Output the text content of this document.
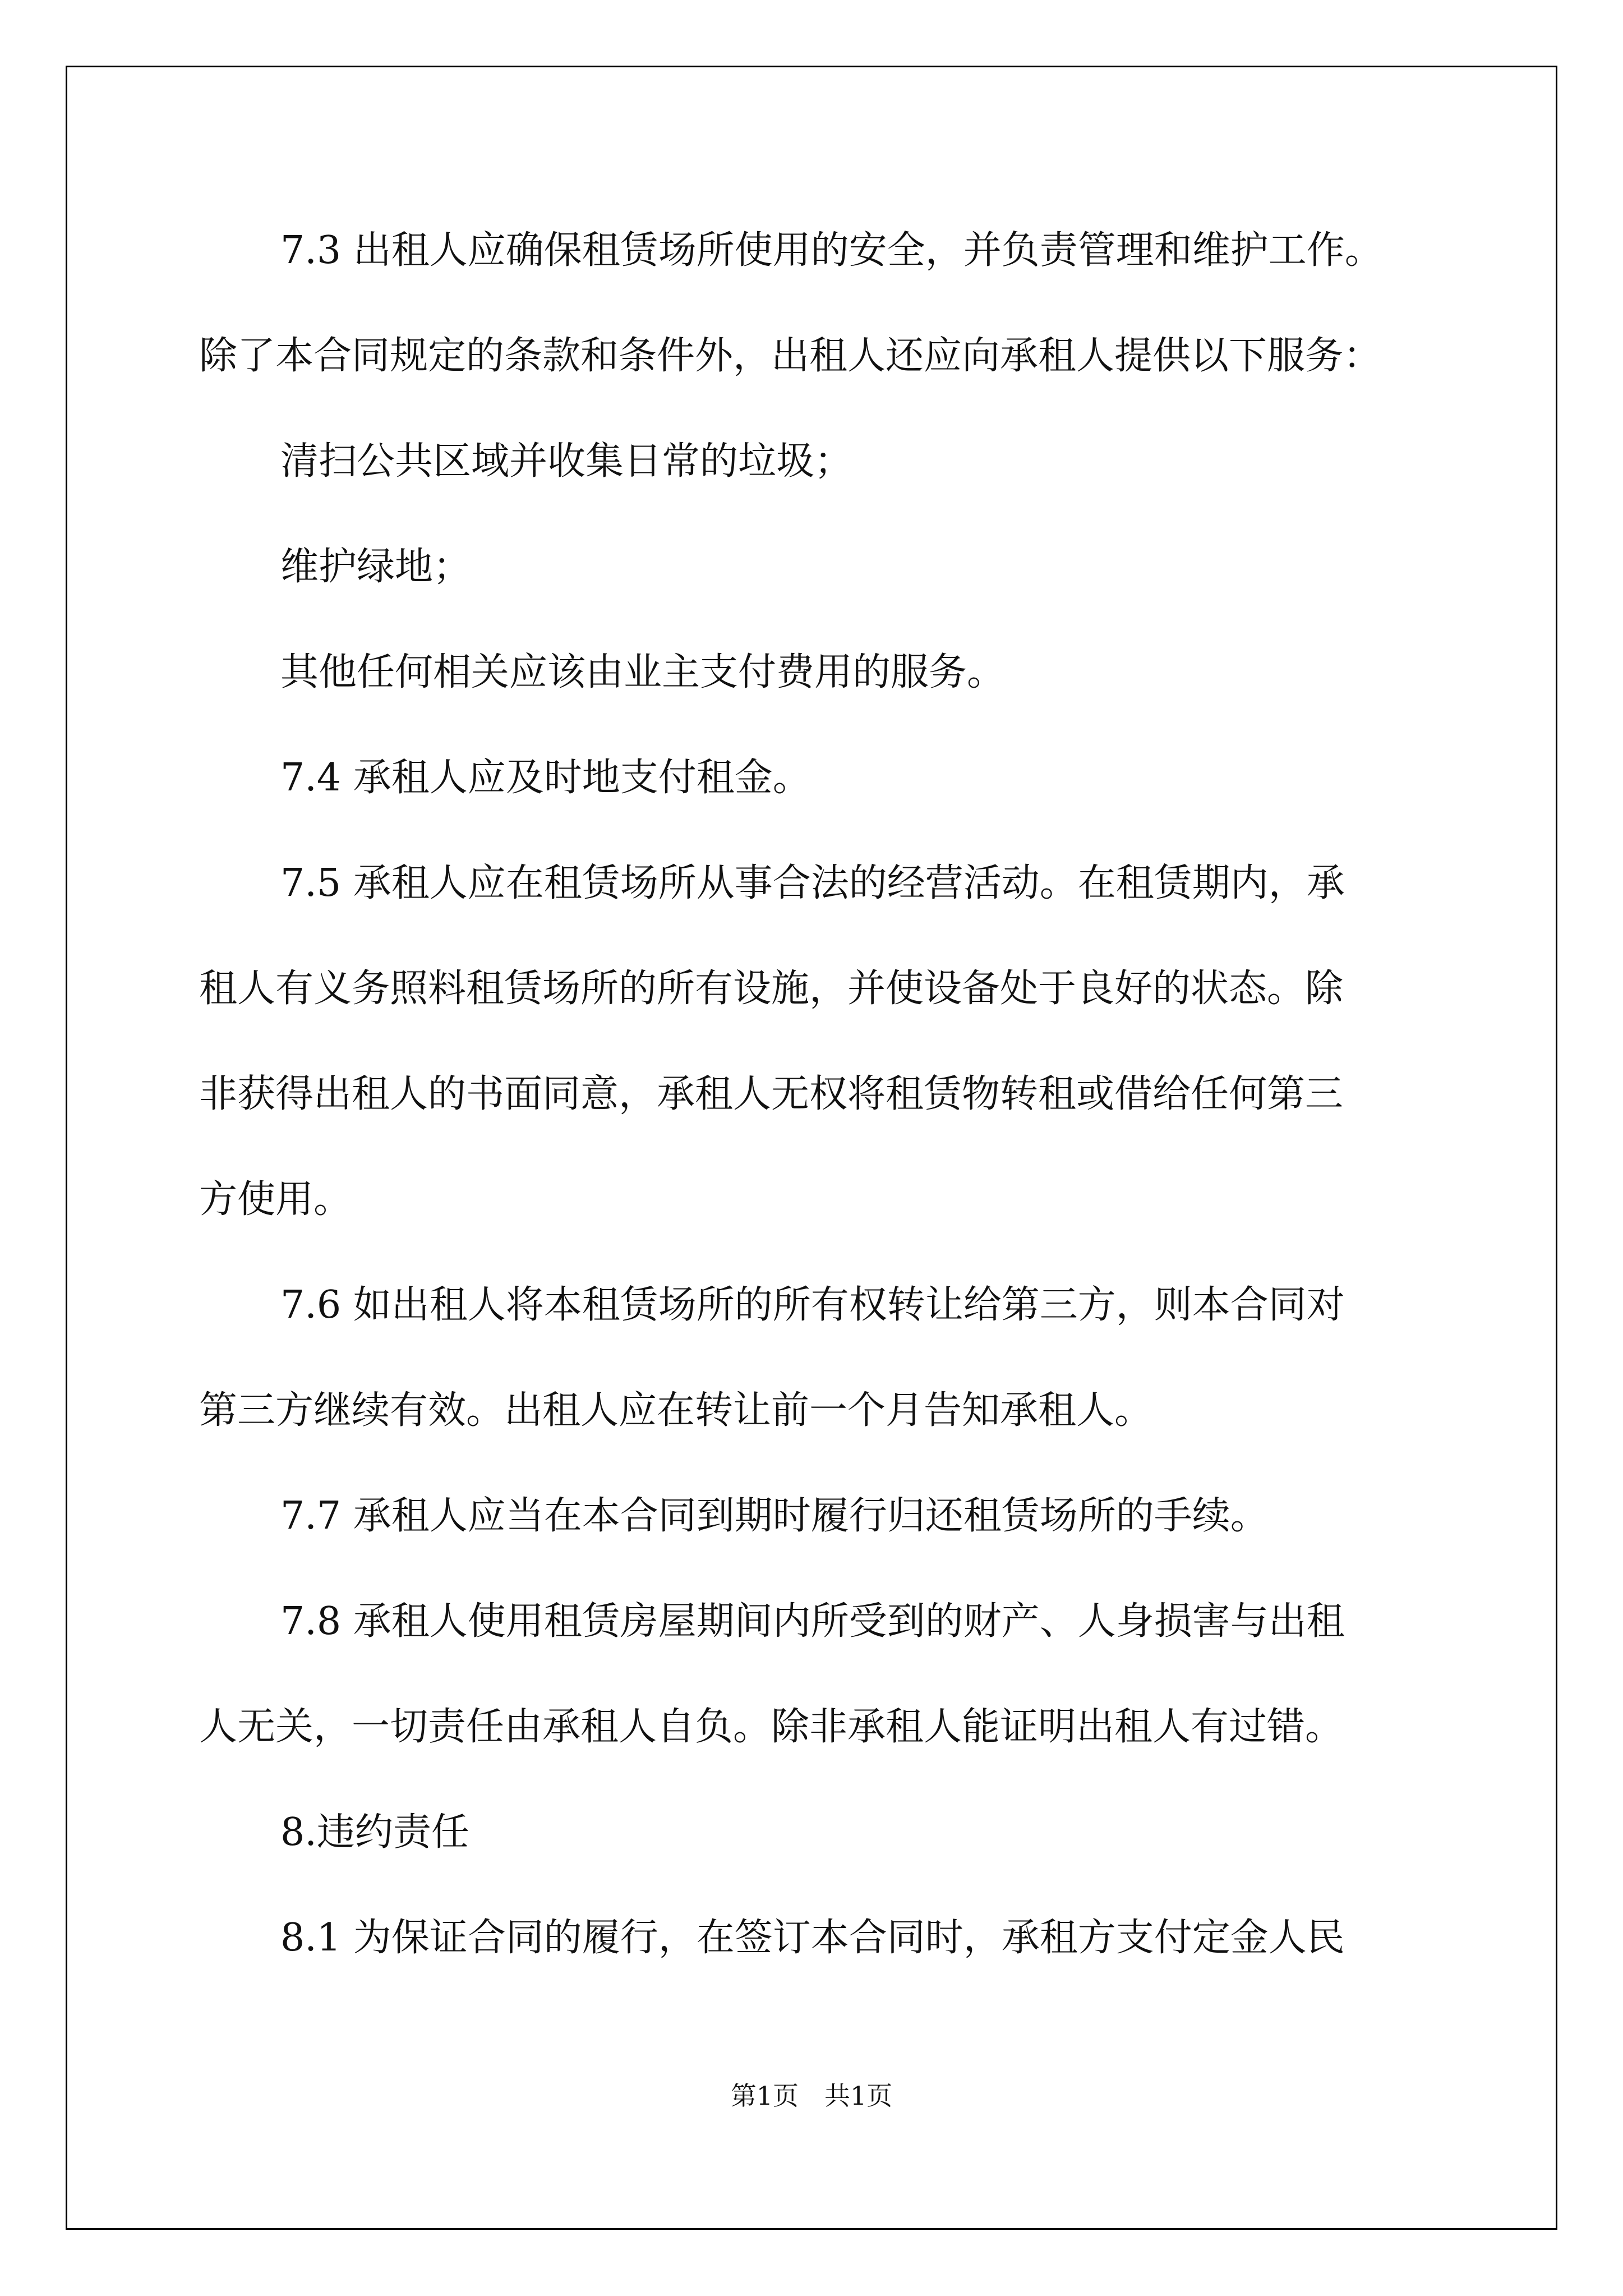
7.3 出租人应确保租赁场所使用的安全，并负责管理和维护工作。

除了本合同规定的条款和条件外，出租人还应向承租人提供以下服务：

清扫公共区域并收集日常的垃圾；

维护绿地；

其他任何相关应该由业主支付费用的服务。

7.4 承租人应及时地支付租金。

7.5 承租人应在租赁场所从事合法的经营活动。在租赁期内，承

租人有义务照料租赁场所的所有设施，并使设备处于良好的状态。除

非获得出租人的书面同意，承租人无权将租赁物转租或借给任何第三

方使用。

7.6 如出租人将本租赁场所的所有权转让给第三方，则本合同对

第三方继续有效。出租人应在转让前一个月告知承租人。

7.7 承租人应当在本合同到期时履行归还租赁场所的手续。

7.8 承租人使用租赁房屋期间内所受到的财产、人身损害与出租

人无关，一切责任由承租人自负。除非承租人能证明出租人有过错。

8.违约责任

8.1 为保证合同的履行，在签订本合同时，承租方支付定金人民

第1页　共1页
